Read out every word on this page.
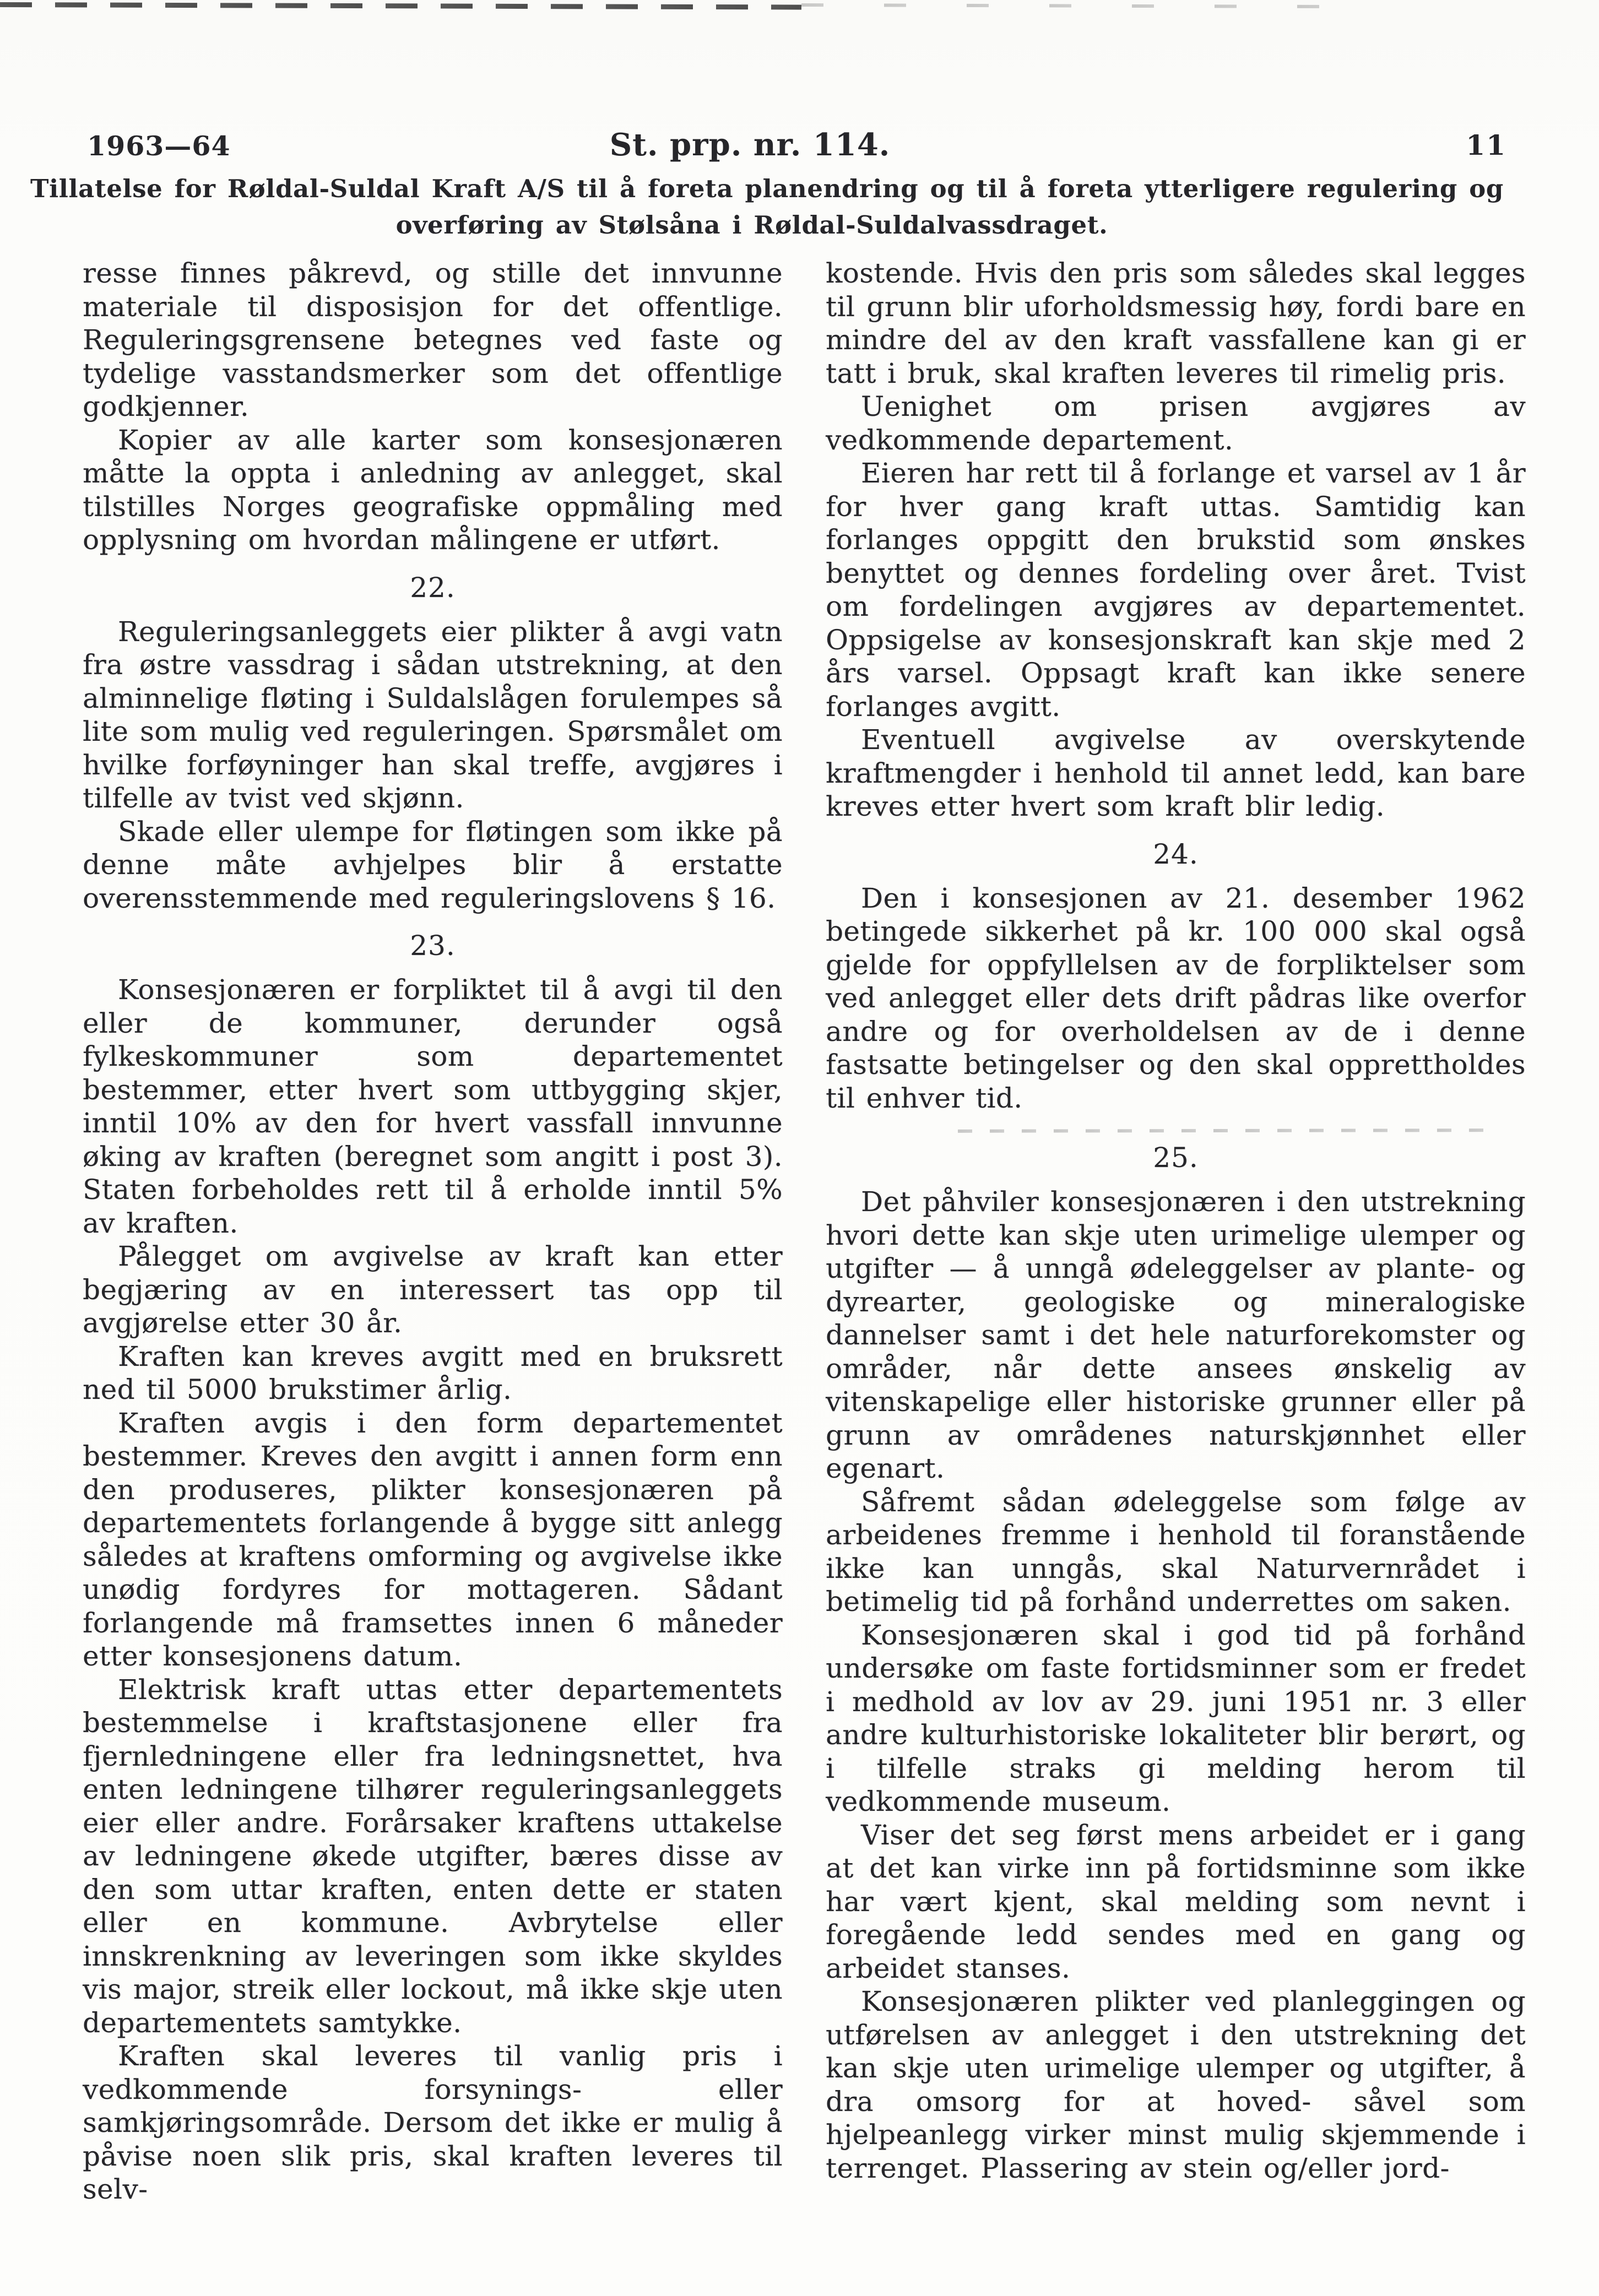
1963—64	St. prp. nr. 114.	11
Tillatelse for Røldal-Suldal Kraft A/S til å foreta planendring og til å foreta ytterligere regulering og
overføring av Stølsåna i Røldal-Suldalvassdraget.

resse finnes påkrevd, og stille det innvunne materiale til disposisjon for det offentlige. Reguleringsgrensene betegnes ved faste og tydelige vasstandsmerker som det offentlige godkjenner.

Kopier av alle karter som konsesjonæren måtte la oppta i anledning av anlegget, skal tilstilles Norges geografiske oppmåling med opplysning om hvordan målingene er utført.

22.

Reguleringsanleggets eier plikter å avgi vatn fra østre vassdrag i sådan utstrekning, at den alminnelige fløting i Suldalslågen forulempes så lite som mulig ved reguleringen. Spørsmålet om hvilke forføyninger han skal treffe, avgjøres i tilfelle av tvist ved skjønn.

Skade eller ulempe for fløtingen som ikke på denne måte avhjelpes blir å erstatte overensstemmende med reguleringslovens § 16.

23.

Konsesjonæren er forpliktet til å avgi til den eller de kommuner, derunder også fylkeskommuner som departementet bestemmer, etter hvert som uttbygging skjer, inntil 10% av den for hvert vassfall innvunne øking av kraften (beregnet som angitt i post 3). Staten forbeholdes rett til å erholde inntil 5% av kraften.

Pålegget om avgivelse av kraft kan etter begjæring av en interessert tas opp til avgjørelse etter 30 år.

Kraften kan kreves avgitt med en bruksrett ned til 5000 brukstimer årlig.

Kraften avgis i den form departementet bestemmer. Kreves den avgitt i annen form enn den produseres, plikter konsesjonæren på departementets forlangende å bygge sitt anlegg således at kraftens omforming og avgivelse ikke unødig fordyres for mottageren. Sådant forlangende må framsettes innen 6 måneder etter konsesjonens datum.

Elektrisk kraft uttas etter departementets bestemmelse i kraftstasjonene eller fra fjernledningene eller fra ledningsnettet, hva enten ledningene tilhører reguleringsanleggets eier eller andre. Forårsaker kraftens uttakelse av ledningene økede utgifter, bæres disse av den som uttar kraften, enten dette er staten eller en kommune. Avbrytelse eller innskrenkning av leveringen som ikke skyldes vis major, streik eller lockout, må ikke skje uten departementets samtykke.

Kraften skal leveres til vanlig pris i vedkommende forsynings- eller samkjøringsområde. Dersom det ikke er mulig å påvise noen slik pris, skal kraften leveres til selv-

kostende. Hvis den pris som således skal legges til grunn blir uforholdsmessig høy, fordi bare en mindre del av den kraft vassfallene kan gi er tatt i bruk, skal kraften leveres til rimelig pris.

Uenighet om prisen avgjøres av vedkommende departement.

Eieren har rett til å forlange et varsel av 1 år for hver gang kraft uttas. Samtidig kan forlanges oppgitt den brukstid som ønskes benyttet og dennes fordeling over året. Tvist om fordelingen avgjøres av departementet. Oppsigelse av konsesjonskraft kan skje med 2 års varsel. Oppsagt kraft kan ikke senere forlanges avgitt.

Eventuell avgivelse av overskytende kraftmengder i henhold til annet ledd, kan bare kreves etter hvert som kraft blir ledig.

24.

Den i konsesjonen av 21. desember 1962 betingede sikkerhet på kr. 100 000 skal også gjelde for oppfyllelsen av de forpliktelser som ved anlegget eller dets drift pådras like overfor andre og for overholdelsen av de i denne fastsatte betingelser og den skal opprettholdes til enhver tid.

25.

Det påhviler konsesjonæren i den utstrekning hvori dette kan skje uten urimelige ulemper og utgifter — å unngå ødeleggelser av plante- og dyrearter, geologiske og mineralogiske dannelser samt i det hele naturforekomster og områder, når dette ansees ønskelig av vitenskapelige eller historiske grunner eller på grunn av områdenes naturskjønnhet eller egenart.

Såfremt sådan ødeleggelse som følge av arbeidenes fremme i henhold til foranstående ikke kan unngås, skal Naturvernrådet i betimelig tid på forhånd underrettes om saken.

Konsesjonæren skal i god tid på forhånd undersøke om faste fortidsminner som er fredet i medhold av lov av 29. juni 1951 nr. 3 eller andre kulturhistoriske lokaliteter blir berørt, og i tilfelle straks gi melding herom til vedkommende museum.

Viser det seg først mens arbeidet er i gang at det kan virke inn på fortidsminne som ikke har vært kjent, skal melding som nevnt i foregående ledd sendes med en gang og arbeidet stanses.

Konsesjonæren plikter ved planleggingen og utførelsen av anlegget i den utstrekning det kan skje uten urimelige ulemper og utgifter, å dra omsorg for at hoved- såvel som hjelpeanlegg virker minst mulig skjemmende i terrenget. Plassering av stein og/eller jord-
